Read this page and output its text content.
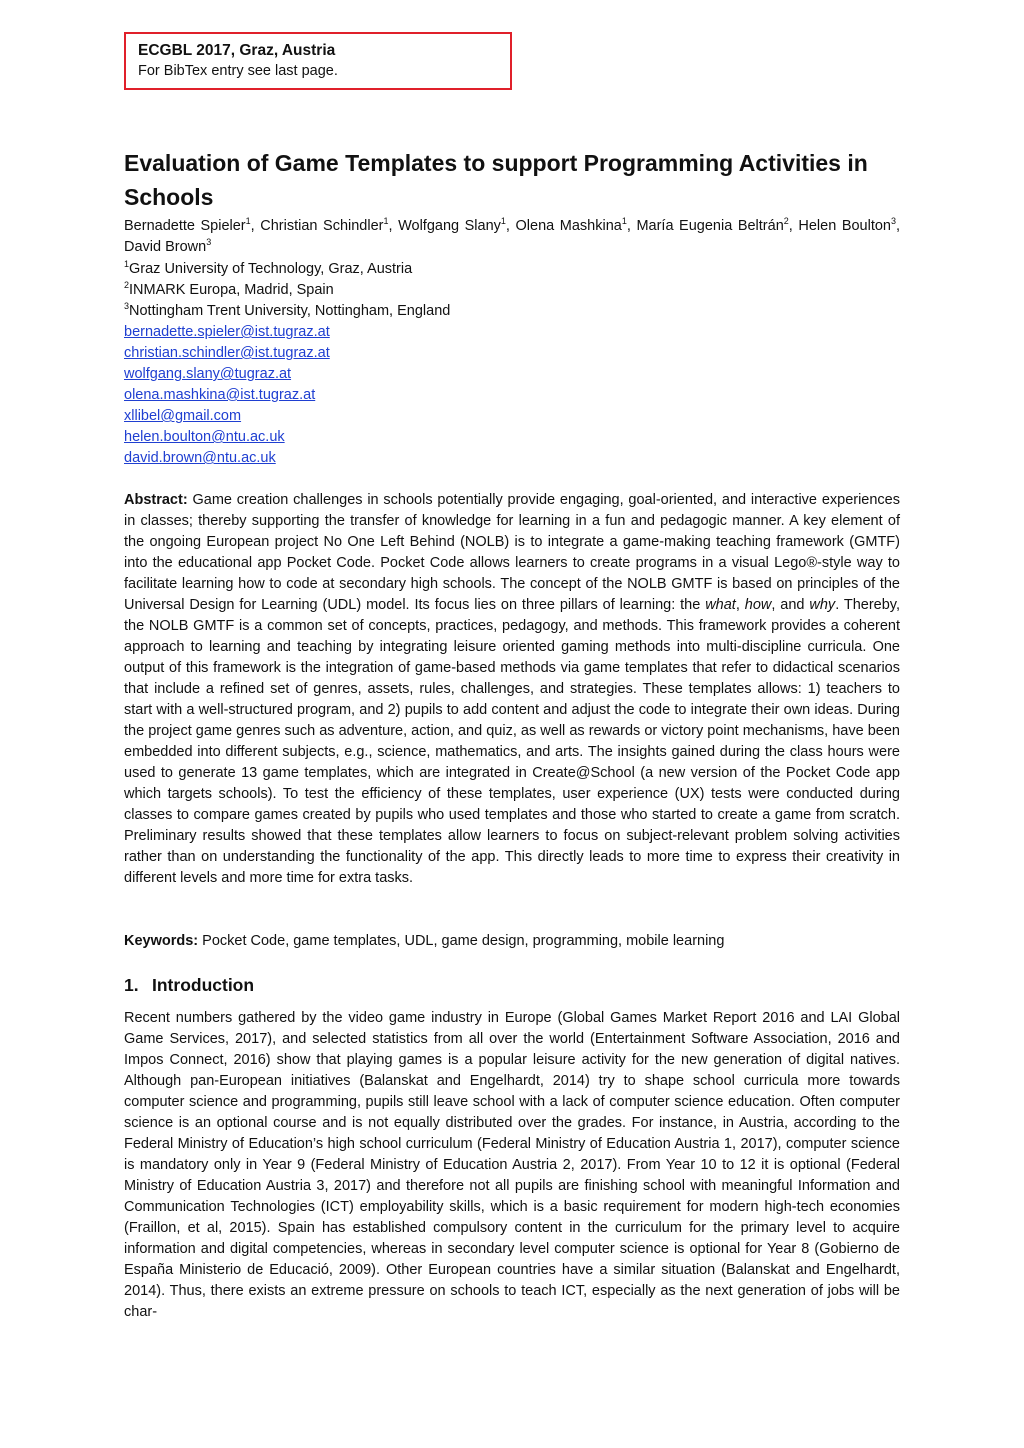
ECGBL 2017, Graz, Austria
For BibTex entry see last page.
Evaluation of Game Templates to support Programming Activities in Schools
Bernadette Spieler$^1$, Christian Schindler$^1$, Wolfgang Slany$^1$, Olena Mashkina$^1$, María Eugenia Beltrán$^2$, Helen Boulton$^3$, David Brown$^3$
$^1$Graz University of Technology, Graz, Austria
$^2$INMARK Europa, Madrid, Spain
$^3$Nottingham Trent University, Nottingham, England
bernadette.spieler@ist.tugraz.at
christian.schindler@ist.tugraz.at
wolfgang.slany@tugraz.at
olena.mashkina@ist.tugraz.at
xllibel@gmail.com
helen.boulton@ntu.ac.uk
david.brown@ntu.ac.uk

Abstract: Game creation challenges in schools potentially provide engaging, goal-oriented, and interactive experiences in classes; thereby supporting the transfer of knowledge for learning in a fun and pedagogic manner. A key element of the ongoing European project No One Left Behind (NOLB) is to integrate a game-making teaching framework (GMTF) into the educational app Pocket Code. Pocket Code allows learners to create programs in a visual Lego®-style way to facilitate learning how to code at secondary high schools. The concept of the NOLB GMTF is based on principles of the Universal Design for Learning (UDL) model. Its focus lies on three pillars of learning: the what, how, and why. Thereby, the NOLB GMTF is a common set of concepts, practices, pedagogy, and methods. This framework provides a coherent approach to learning and teaching by integrating leisure oriented gaming methods into multi-discipline curricula. One output of this framework is the integration of game-based methods via game templates that refer to didactical scenarios that include a refined set of genres, assets, rules, challenges, and strategies. These templates allows: 1) teachers to start with a well-structured program, and 2) pupils to add content and adjust the code to integrate their own ideas. During the project game genres such as adventure, action, and quiz, as well as rewards or victory point mechanisms, have been embedded into different subjects, e.g., science, mathematics, and arts. The insights gained during the class hours were used to generate 13 game templates, which are integrated in Create@School (a new version of the Pocket Code app which targets schools). To test the efficiency of these templates, user experience (UX) tests were conducted during classes to compare games created by pupils who used templates and those who started to create a game from scratch. Preliminary results showed that these templates allow learners to focus on subject-relevant problem solving activities rather than on understanding the functionality of the app. This directly leads to more time to express their creativity in different levels and more time for extra tasks.

Keywords: Pocket Code, game templates, UDL, game design, programming, mobile learning

1. Introduction

Recent numbers gathered by the video game industry in Europe (Global Games Market Report 2016 and LAI Global Game Services, 2017), and selected statistics from all over the world (Entertainment Software Association, 2016 and Impos Connect, 2016) show that playing games is a popular leisure activity for the new generation of digital natives. Although pan-European initiatives (Balanskat and Engelhardt, 2014) try to shape school curricula more towards computer science and programming, pupils still leave school with a lack of computer science education. Often computer science is an optional course and is not equally distributed over the grades. For instance, in Austria, according to the Federal Ministry of Education’s high school curriculum (Federal Ministry of Education Austria 1, 2017), computer science is mandatory only in Year 9 (Federal Ministry of Education Austria 2, 2017). From Year 10 to 12 it is optional (Federal Ministry of Education Austria 3, 2017) and therefore not all pupils are finishing school with meaningful Information and Communication Technologies (ICT) employability skills, which is a basic requirement for modern high-tech economies (Fraillon, et al, 2015). Spain has established compulsory content in the curriculum for the primary level to acquire information and digital competencies, whereas in secondary level computer science is optional for Year 8 (Gobierno de España Ministerio de Educació, 2009). Other European countries have a similar situation (Balanskat and Engelhardt, 2014). Thus, there exists an extreme pressure on schools to teach ICT, especially as the next generation of jobs will be char-
